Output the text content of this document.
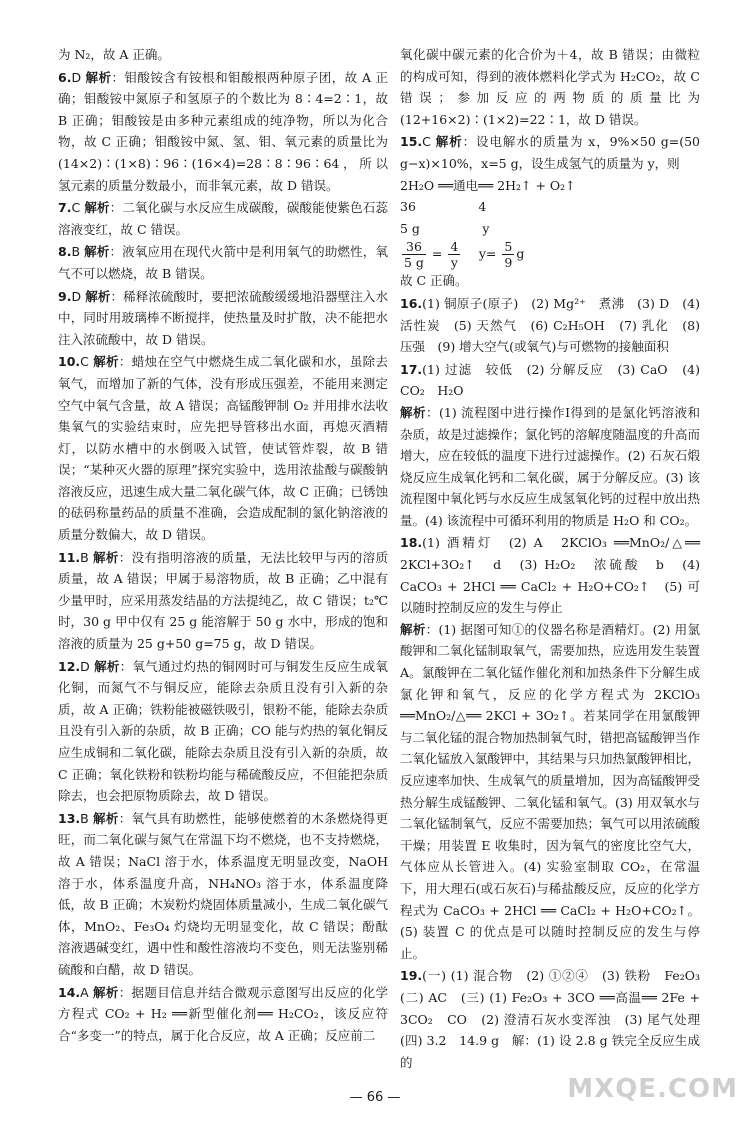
为 N₂，故 A 正确。

6.D 解析：钼酸铵含有铵根和钼酸根两种原子团，故 A 正确；钼酸铵中氮原子和氢原子的个数比为 8∶4=2∶1，故 B 正确；钼酸铵是由多种元素组成的纯净物，所以为化合物，故 C 正确；钼酸铵中氮、氢、钼、氧元素的质量比为(14×2)∶(1×8)∶96∶(16×4)=28∶8∶96∶64，所以氢元素的质量分数最小，而非氧元素，故 D 错误。

7.C 解析：二氧化碳与水反应生成碳酸，碳酸能使紫色石蕊溶液变红，故 C 错误。

8.B 解析：液氧应用在现代火箭中是利用氧气的助燃性，氧气不可以燃烧，故 B 错误。

9.D 解析：稀释浓硫酸时，要把浓硫酸缓缓地沿器壁注入水中，同时用玻璃棒不断搅拌，使热量及时扩散，决不能把水注入浓硫酸中，故 D 错误。

10.C 解析：蜡烛在空气中燃烧生成二氧化碳和水，虽除去氧气，而增加了新的气体，没有形成压强差，不能用来测定空气中氧气含量，故 A 错误；高锰酸钾制 O₂ 并用排水法收集氧气的实验结束时，应先把导管移出水面，再熄灭酒精灯，以防水槽中的水倒吸入试管，使试管炸裂，故 B 错误；“某种灭火器的原理”探究实验中，选用浓盐酸与碳酸钠溶液反应，迅速生成大量二氧化碳气体，故 C 正确；已锈蚀的砝码称量药品的质量不准确，会造成配制的氯化钠溶液的质量分数偏大，故 D 错误。

11.B 解析：没有指明溶液的质量，无法比较甲与丙的溶质质量，故 A 错误；甲属于易溶物质，故 B 正确；乙中混有少量甲时，应采用蒸发结晶的方法提纯乙，故 C 错误；t₂℃时，30 g 甲中仅有 25 g 能溶解于 50 g 水中，形成的饱和溶液的质量为 25 g+50 g=75 g，故 D 错误。

12.D 解析：氧气通过灼热的铜网时可与铜发生反应生成氧化铜，而氮气不与铜反应，能除去杂质且没有引入新的杂质，故 A 正确；铁粉能被磁铁吸引，银粉不能，能除去杂质且没有引入新的杂质，故 B 正确；CO 能与灼热的氧化铜反应生成铜和二氧化碳，能除去杂质且没有引入新的杂质，故 C 正确；氧化铁粉和铁粉均能与稀硫酸反应，不但能把杂质除去，也会把原物质除去，故 D 错误。

13.B 解析：氧气具有助燃性，能够使燃着的木条燃烧得更旺，而二氧化碳与氮气在常温下均不燃烧，也不支持燃烧，故 A 错误；NaCl 溶于水，体系温度无明显改变，NaOH 溶于水，体系温度升高，NH₄NO₃ 溶于水，体系温度降低，故 B 正确；木炭粉灼烧固体质量减小，生成二氧化碳气体，MnO₂、Fe₃O₄ 灼烧均无明显变化，故 C 错误；酚酞溶液遇碱变红，遇中性和酸性溶液均不变色，则无法鉴别稀硫酸和白醋，故 D 错误。

14.A 解析：据题目信息并结合微观示意图写出反应的化学方程式 CO₂ + H₂ ══新型催化剂══ H₂CO₂，该反应符合“多变一”的特点，属于化合反应，故 A 正确；反应前二

氧化碳中碳元素的化合价为＋4，故 B 错误；由微粒的构成可知，得到的液体燃料化学式为 H₂CO₂，故 C 错误；参加反应的两物质的质量比为(12+16×2)∶(1×2)=22∶1，故 D 错误。

15.C 解析：设电解水的质量为 x，9%×50 g=(50 g−x)×10%，x=5 g，设生成氢气的质量为 y，则

2H₂O ══通电══ 2H₂↑ + O₂↑
36　　　　　4
5 g　　　　　y
$\frac{36}{5 g} = \frac{4}{y}$
　 $y= \frac{5}{9}$ g

故 C 正确。

16.(1) 铜原子(原子)　(2) Mg²⁺　煮沸　(3) D　(4) 活性炭　(5) 天然气　(6) C₂H₅OH　(7) 乳化　(8) 压强　(9) 增大空气(或氧气)与可燃物的接触面积

17.(1) 过滤　较低　(2) 分解反应　(3) CaO　(4) CO₂　H₂O

解析：(1) 流程图中进行操作Ⅰ得到的是氯化钙溶液和杂质，故是过滤操作；氯化钙的溶解度随温度的升高而增大，应在较低的温度下进行过滤操作。(2) 石灰石煅烧反应生成氧化钙和二氧化碳，属于分解反应。(3) 该流程图中氧化钙与水反应生成氢氧化钙的过程中放出热量。(4) 该流程中可循环利用的物质是 H₂O 和 CO₂。

18.(1) 酒精灯　(2) A　2KClO₃ ══MnO₂/△══ 2KCl+3O₂↑　d　(3) H₂O₂　浓硫酸　b　(4) CaCO₃ + 2HCl ══ CaCl₂ + H₂O+CO₂↑　(5) 可以随时控制反应的发生与停止

解析：(1) 据图可知①的仪器名称是酒精灯。(2) 用氯酸钾和二氧化锰制取氧气，需要加热，应选用发生装置 A。氯酸钾在二氧化锰作催化剂和加热条件下分解生成氯化钾和氧气，反应的化学方程式为 2KClO₃ ══MnO₂/△══ 2KCl + 3O₂↑。若某同学在用氯酸钾与二氧化锰的混合物加热制氧气时，错把高锰酸钾当作二氧化锰放入氯酸钾中，其结果与只加热氯酸钾相比，反应速率加快、生成氧气的质量增加，因为高锰酸钾受热分解生成锰酸钾、二氧化锰和氧气。(3) 用双氧水与二氧化锰制氧气，反应不需要加热；氧气可以用浓硫酸干燥；用装置 E 收集时，因为氧气的密度比空气大，气体应从长管进入。(4) 实验室制取 CO₂，在常温下，用大理石(或石灰石)与稀盐酸反应，反应的化学方程式为 CaCO₃ + 2HCl ══ CaCl₂ + H₂O+CO₂↑。(5) 装置 C 的优点是可以随时控制反应的发生与停止。

19.(一) (1) 混合物　(2) ①②④　(3) 铁粉　Fe₂O₃　(二) AC　(三) (1) Fe₂O₃ + 3CO ══高温══ 2Fe + 3CO₂　CO　(2) 澄清石灰水变浑浊　(3) 尾气处理　(四) 3.2　14.9 g　解：(1) 设 2.8 g 铁完全反应生成的

— 66 —	MXQE.COM
